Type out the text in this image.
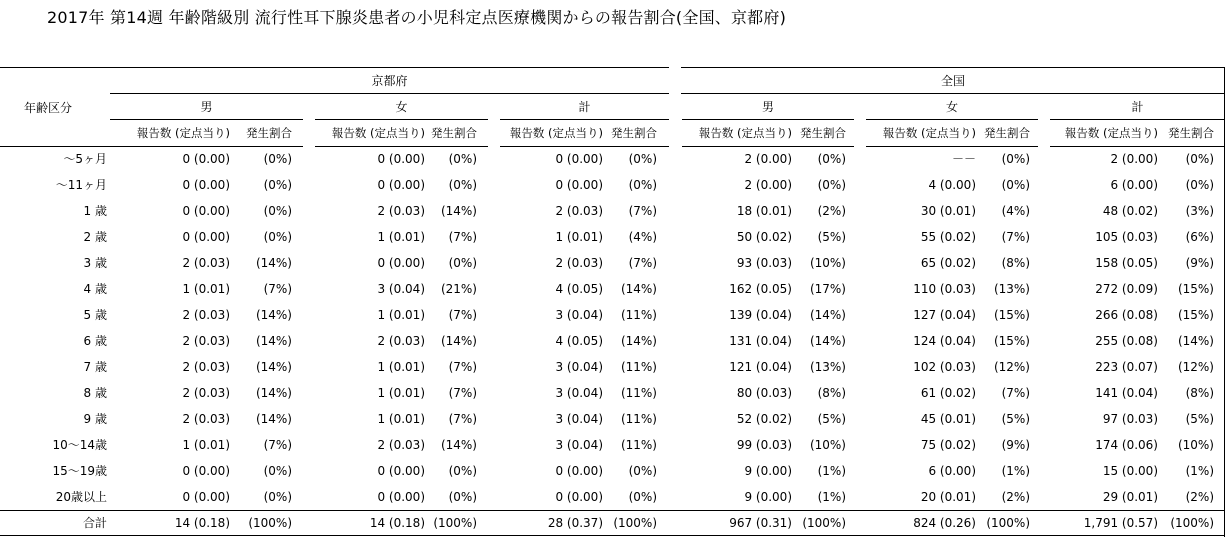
2017年 第14週 年齢階級別 流行性耳下腺炎患者の小児科定点医療機関からの報告割合(全国、京都府)
年齢区分
京都府	全国
男
報告数 (定点当り)	発生割合
女
報告数 (定点当り) 発生割合
計
報告数 (定点当り) 発生割合
男
報告数 (定点当り) 発生割合
女
報告数 (定点当り) 発生割合
計
報告数 (定点当り) 発生割合
～5ヶ月	0 (0.00)	(0%)	0 (0.00)	(0%)	0 (0.00)	(0%)	2 (0.00)	(0%)	－－	(0%)	2 (0.00)	(0%)
～11ヶ月	0 (0.00)	(0%)	0 (0.00)	(0%)	0 (0.00)	(0%)	2 (0.00)	(0%)	4 (0.00)	(0%)	6 (0.00)	(0%)
1 歳	0 (0.00)	(0%)	2 (0.03)	(14%)	2 (0.03)	(7%)	18 (0.01)	(2%)	30 (0.01)	(4%)	48 (0.02)	(3%)
2 歳	0 (0.00)	(0%)	1 (0.01)	(7%)	1 (0.01)	(4%)	50 (0.02)	(5%)	55 (0.02)	(7%)	105 (0.03)	(6%)
3 歳	2 (0.03)	(14%)	0 (0.00)	(0%)	2 (0.03)	(7%)	93 (0.03)	(10%)	65 (0.02)	(8%)	158 (0.05)	(9%)
4 歳	1 (0.01)	(7%)	3 (0.04)	(21%)	4 (0.05)	(14%)	162 (0.05)	(17%)	110 (0.03)	(13%)	272 (0.09)	(15%)
5 歳	2 (0.03)	(14%)	1 (0.01)	(7%)	3 (0.04)	(11%)	139 (0.04)	(14%)	127 (0.04)	(15%)	266 (0.08)	(15%)
6 歳	2 (0.03)	(14%)	2 (0.03)	(14%)	4 (0.05)	(14%)	131 (0.04)	(14%)	124 (0.04)	(15%)	255 (0.08)	(14%)
7 歳	2 (0.03)	(14%)	1 (0.01)	(7%)	3 (0.04)	(11%)	121 (0.04)	(13%)	102 (0.03)	(12%)	223 (0.07)	(12%)
8 歳	2 (0.03)	(14%)	1 (0.01)	(7%)	3 (0.04)	(11%)	80 (0.03)	(8%)	61 (0.02)	(7%)	141 (0.04)	(8%)
9 歳	2 (0.03)	(14%)	1 (0.01)	(7%)	3 (0.04)	(11%)	52 (0.02)	(5%)	45 (0.01)	(5%)	97 (0.03)	(5%)
10～14歳	1 (0.01)	(7%)	2 (0.03)	(14%)	3 (0.04)	(11%)	99 (0.03)	(10%)	75 (0.02)	(9%)	174 (0.06)	(10%)
15～19歳	0 (0.00)	(0%)	0 (0.00)	(0%)	0 (0.00)	(0%)	9 (0.00)	(1%)	6 (0.00)	(1%)	15 (0.00)	(1%)
20歳以上	0 (0.00)	(0%)	0 (0.00)	(0%)	0 (0.00)	(0%)	9 (0.00)	(1%)	20 (0.01)	(2%)	29 (0.01)	(2%)
合計	14 (0.18)	(100%)	14 (0.18) (100%)	28 (0.37) (100%)	967 (0.31) (100%)	824 (0.26) (100%)	1,791 (0.57)	(100%)
